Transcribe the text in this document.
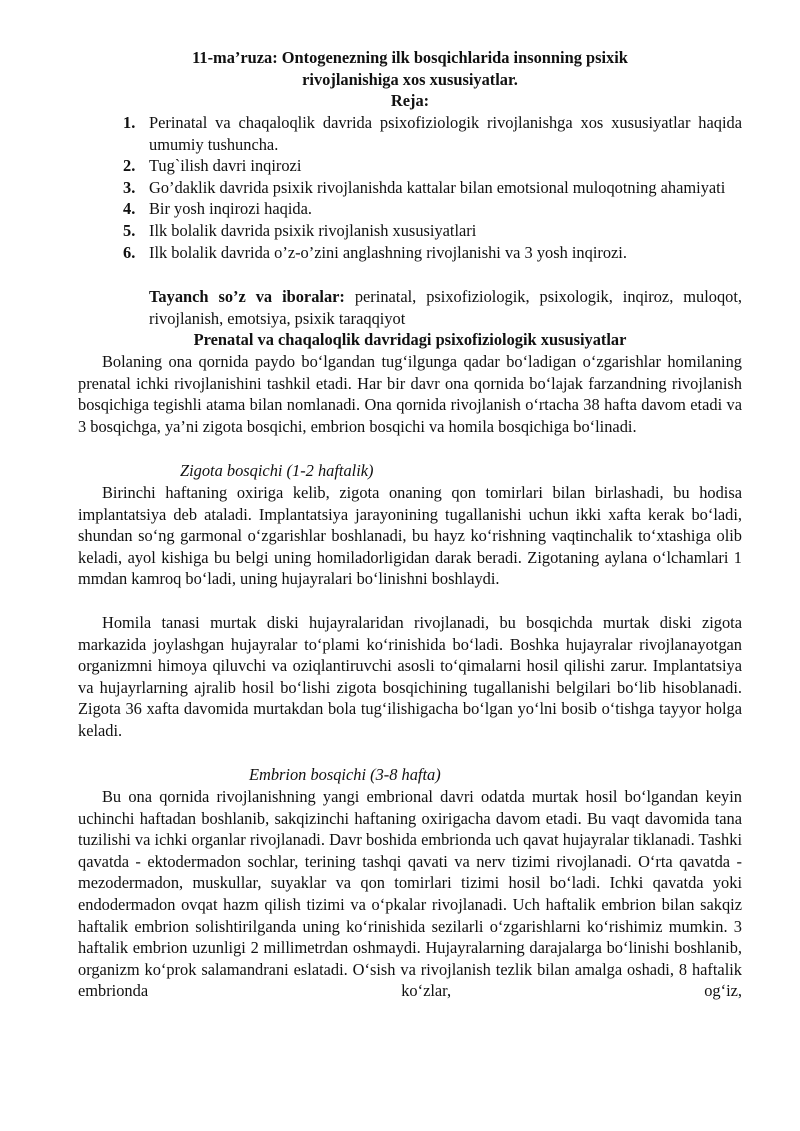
11-ma’ruza: Ontogenezning ilk bosqichlarida insonning psixik
rivojlanishiga xos xususiyatlar.
Reja:
1. Perinatal va chaqaloqlik davrida psixofiziologik rivojlanishga xos xususiyatlar haqida umumiy tushuncha.
2. Tug`ilish davri inqirozi
3. Go’daklik davrida psixik rivojlanishda kattalar bilan emotsional muloqotning ahamiyati
4. Bir yosh inqirozi haqida.
5. Ilk bolalik davrida psixik rivojlanish xususiyatlari
6. Ilk bolalik davrida o’z-o’zini anglashning rivojlanishi va 3 yosh inqirozi.
Tayanch so’z va iboralar: perinatal, psixofiziologik, psixologik, inqiroz, muloqot, rivojlanish, emotsiya, psixik taraqqiyot
Prenatal va chaqaloqlik davridagi psixofiziologik xususiyatlar

Bolaning ona qornida paydo bo‘lgandan tug‘ilgunga qadar bo‘ladigan o‘zgarishlar homilaning prenatal ichki rivojlanishini tashkil etadi. Har bir davr ona qornida bo‘lajak farzandning rivojlanish bosqichiga tegishli atama bilan nomlanadi. Ona qornida rivojlanish o‘rtacha 38 hafta davom etadi va 3 bosqichga, ya’ni zigota bosqichi, embrion bosqichi va homila bosqichiga bo‘linadi.

Zigota bosqichi (1-2 haftalik)

Birinchi haftaning oxiriga kelib, zigota onaning qon tomirlari bilan birlashadi, bu hodisa implantatsiya deb ataladi. Implantatsiya jarayonining tugallanishi uchun ikki xafta kerak bo‘ladi, shundan so‘ng garmonal o‘zgarishlar boshlanadi, bu hayz ko‘rishning vaqtinchalik to‘xtashiga olib keladi, ayol kishiga bu belgi uning homiladorligidan darak beradi. Zigotaning aylana o‘lchamlari 1 mmdan kamroq bo‘ladi, uning hujayralari bo‘linishni boshlaydi.

Homila tanasi murtak diski hujayralaridan rivojlanadi, bu bosqichda murtak diski zigota markazida joylashgan hujayralar to‘plami ko‘rinishida bo‘ladi. Boshka hujayralar rivojlanayotgan organizmni himoya qiluvchi va oziqlantiruvchi asosli to‘qimalarni hosil qilishi zarur. Implantatsiya va hujayrlarning ajralib hosil bo‘lishi zigota bosqichining tugallanishi belgilari bo‘lib hisoblanadi. Zigota 36 xafta davomida murtakdan bola tug‘ilishigacha bo‘lgan yo‘lni bosib o‘tishga tayyor holga keladi.

Embrion bosqichi (3-8 hafta)

Bu ona qornida rivojlanishning yangi embrional davri odatda murtak hosil bo‘lgandan keyin uchinchi haftadan boshlanib, sakqizinchi haftaning oxirigacha davom etadi. Bu vaqt davomida tana tuzilishi va ichki organlar rivojlanadi. Davr boshida embrionda uch qavat hujayralar tiklanadi. Tashki qavatda - ektodermadon sochlar, terining tashqi qavati va nerv tizimi rivojlanadi. O‘rta qavatda - mezodermadon, muskullar, suyaklar va qon tomirlari tizimi hosil bo‘ladi. Ichki qavatda yoki endodermadon ovqat hazm qilish tizimi va o‘pkalar rivojlanadi. Uch haftalik embrion bilan sakqiz haftalik embrion solishtirilganda uning ko‘rinishida sezilarli o‘zgarishlarni ko‘rishimiz mumkin. 3 haftalik embrion uzunligi 2 millimetrdan oshmaydi. Hujayralarning darajalarga bo‘linishi boshlanib, organizm ko‘prok salamandrani eslatadi. O‘sish va rivojlanish tezlik bilan amalga oshadi, 8 haftalik embrionda ko‘zlar, og‘iz,
